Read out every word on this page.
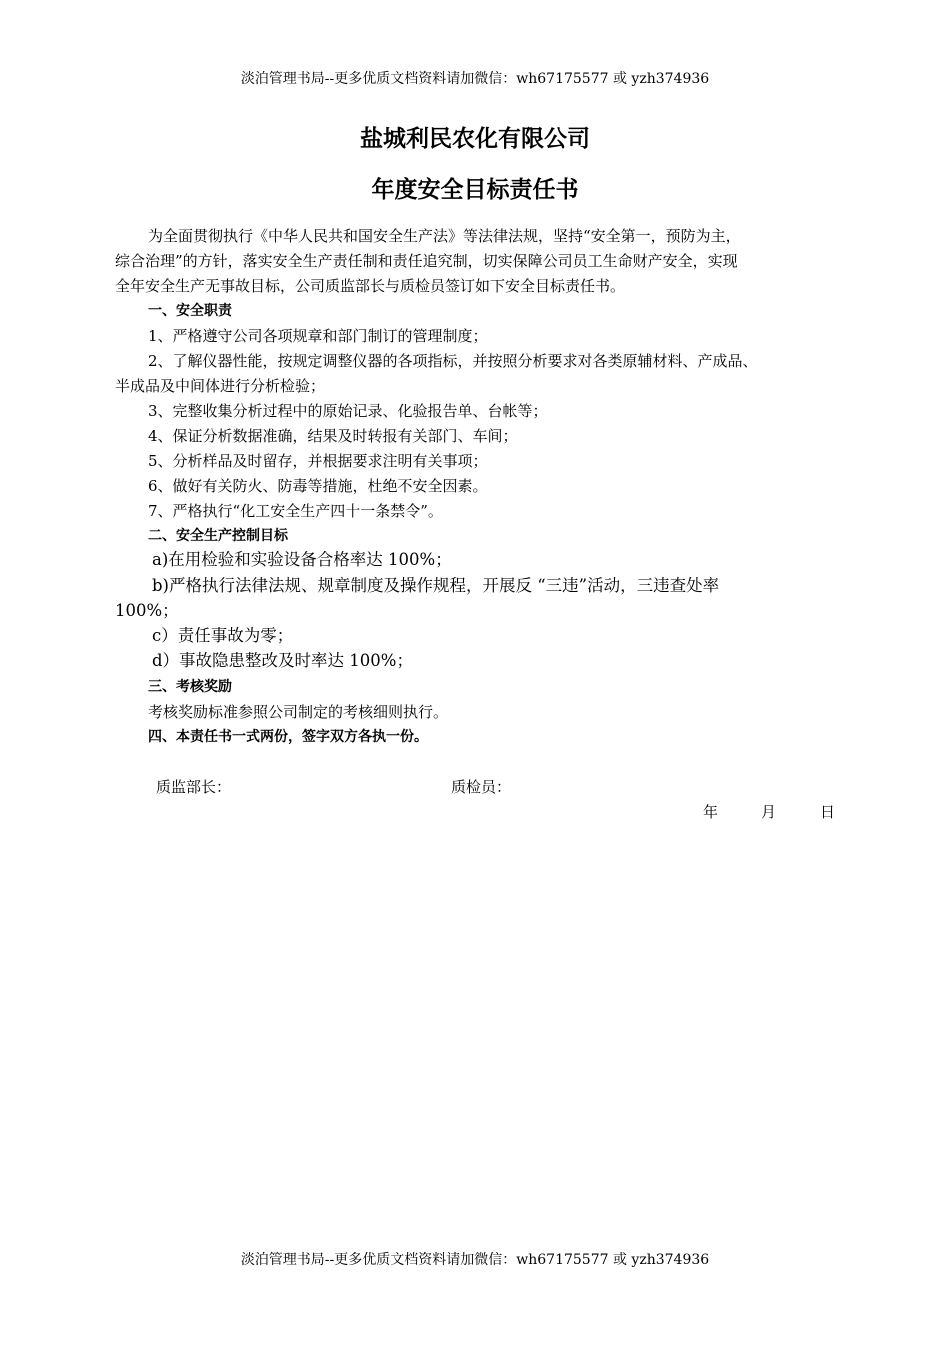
淡泊管理书局--更多优质文档资料请加微信：wh67175577 或 yzh374936
盐城利民农化有限公司
年度安全目标责任书
为全面贯彻执行《中华人民共和国安全生产法》等法律法规，坚持“安全第一，预防为主，
综合治理”的方针，落实安全生产责任制和责任追究制，切实保障公司员工生命财产安全，实现
全年安全生产无事故目标，公司质监部长与质检员签订如下安全目标责任书。
一、安全职责
1、严格遵守公司各项规章和部门制订的管理制度；
2、了解仪器性能，按规定调整仪器的各项指标，并按照分析要求对各类原辅材料、产成品、
半成品及中间体进行分析检验；
3、完整收集分析过程中的原始记录、化验报告单、台帐等；
4、保证分析数据准确，结果及时转报有关部门、车间；
5、分析样品及时留存，并根据要求注明有关事项；
6、做好有关防火、防毒等措施，杜绝不安全因素。
7、严格执行“化工安全生产四十一条禁令”。
二、安全生产控制目标
a)在用检验和实验设备合格率达 100%；
b)严格执行法律法规、规章制度及操作规程，开展反 “三违”活动，三违查处率
100%；
c）责任事故为零；
d）事故隐患整改及时率达 100%；
三、考核奖励
考核奖励标准参照公司制定的考核细则执行。
四、本责任书一式两份，签字双方各执一份。
质监部长：	质检员：
年	月	日
淡泊管理书局--更多优质文档资料请加微信：wh67175577 或 yzh374936
